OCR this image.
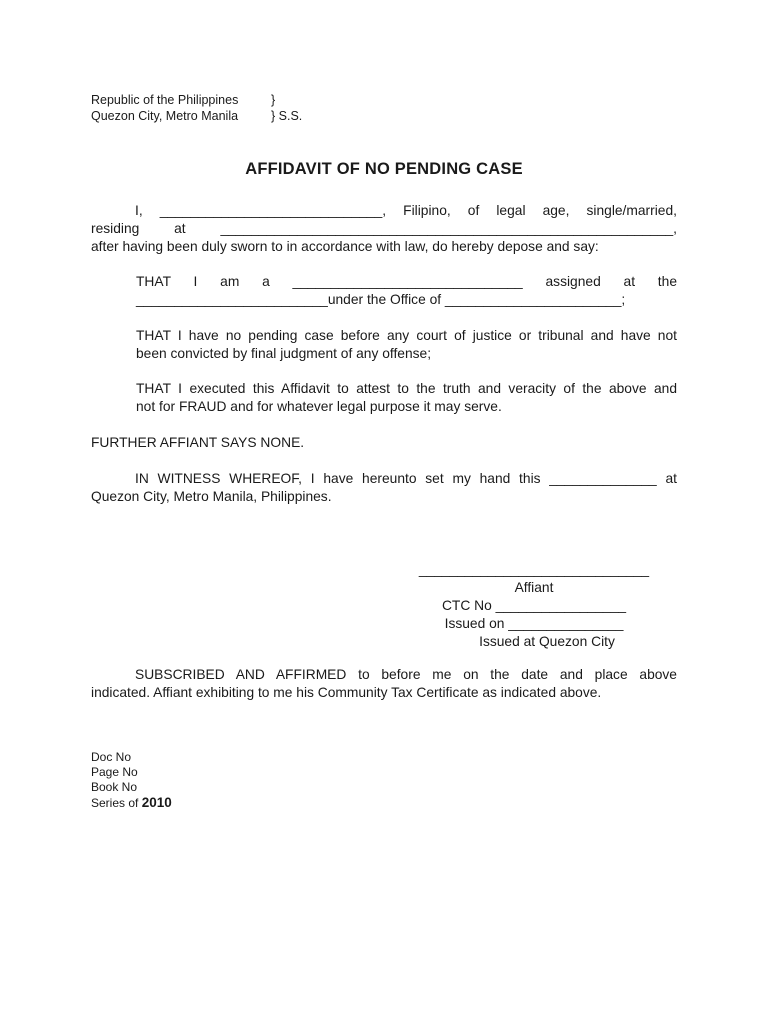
Republic of the Philippines	}
Quezon City, Metro Manila	} S.S.
AFFIDAVIT OF NO PENDING CASE
I, _____________________________, Filipino, of legal age, single/married,
residing at ___________________________________________________________,
after having been duly sworn to in accordance with law, do hereby depose and say:
THAT I am a ______________________________ assigned at the
_________________________under the Office of _______________________;
THAT I have no pending case before any court of justice or tribunal and have not
been convicted by final judgment of any offense;
THAT I executed this Affidavit to attest to the truth and veracity of the above and
not for FRAUD and for whatever legal purpose it may serve.
FURTHER AFFIANT SAYS NONE.
IN WITNESS WHEREOF, I have hereunto set my hand this ______________ at
Quezon City, Metro Manila, Philippines.
______________________________
Affiant
CTC No _________________
Issued on _______________
Issued at Quezon City
SUBSCRIBED AND AFFIRMED to before me on the date and place above
indicated. Affiant exhibiting to me his Community Tax Certificate as indicated above.
Doc No
Page No
Book No
Series of 2010
